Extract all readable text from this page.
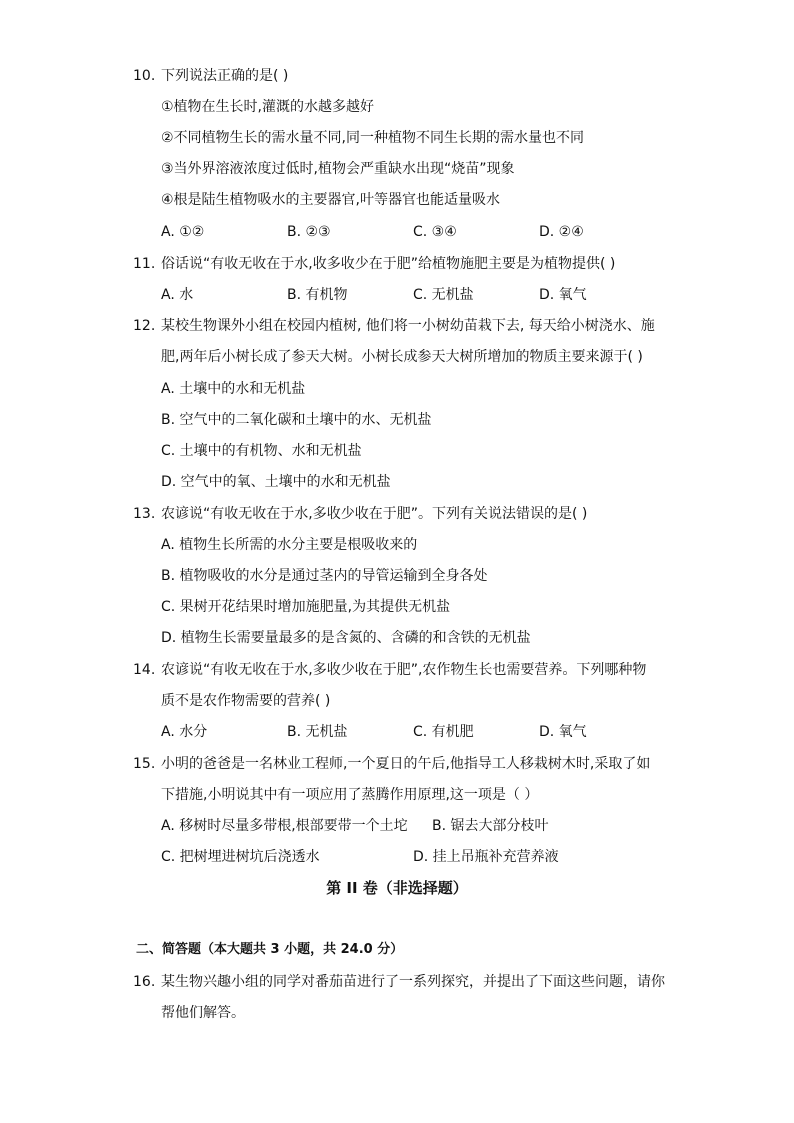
10. 下列说法正确的是( )
①植物在生长时,灌溉的水越多越好
②不同植物生长的需水量不同,同一种植物不同生长期的需水量也不同
③当外界溶液浓度过低时,植物会严重缺水出现“烧苗”现象
④根是陆生植物吸水的主要器官,叶等器官也能适量吸水
A. ①②	B. ②③	C. ③④	D. ②④
11. 俗话说“有收无收在于水,收多收少在于肥”给植物施肥主要是为植物提供( )
A. 水	B. 有机物	C. 无机盐	D. 氧气
12. 某校生物课外小组在校园内植树, 他们将一小树幼苗栽下去, 每天给小树浇水、施
肥,两年后小树长成了参天大树。小树长成参天大树所增加的物质主要来源于( )
A. 土壤中的水和无机盐
B. 空气中的二氧化碳和土壤中的水、无机盐
C. 土壤中的有机物、水和无机盐
D. 空气中的氧、土壤中的水和无机盐
13. 农谚说“有收无收在于水,多收少收在于肥”。下列有关说法错误的是( )
A. 植物生长所需的水分主要是根吸收来的
B. 植物吸收的水分是通过茎内的导管运输到全身各处
C. 果树开花结果时增加施肥量,为其提供无机盐
D. 植物生长需要量最多的是含氮的、含磷的和含铁的无机盐
14. 农谚说“有收无收在于水,多收少收在于肥”,农作物生长也需要营养。下列哪种物
质不是农作物需要的营养( )
A. 水分	B. 无机盐	C. 有机肥	D. 氧气
15. 小明的爸爸是一名林业工程师,一个夏日的午后,他指导工人移栽树木时,采取了如
下措施,小明说其中有一项应用了蒸腾作用原理,这一项是（ ）
A. 移树时尽量多带根,根部要带一个土坨 B. 锯去大部分枝叶
C. 把树埋进树坑后浇透水	D. 挂上吊瓶补充营养液
第 II 卷（非选择题）
二、简答题（本大题共 3 小题，共 24.0 分）
16. 某生物兴趣小组的同学对番茄苗进行了一系列探究，并提出了下面这些问题，请你
帮他们解答。
